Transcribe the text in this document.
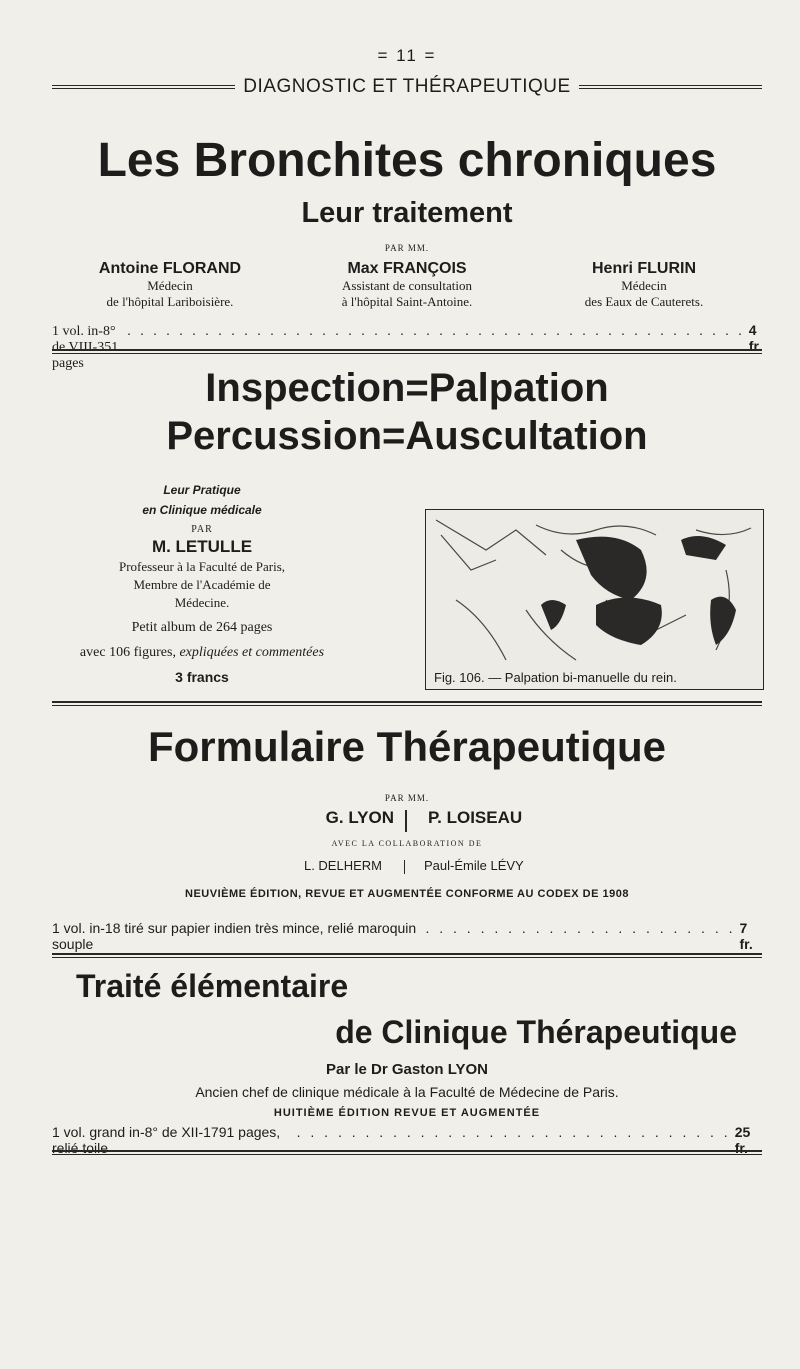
= 11 =
DIAGNOSTIC ET THÉRAPEUTIQUE
Les Bronchites chroniques
Leur traitement
PAR MM.
Antoine FLORAND
Médecin
de l'hôpital Lariboisière.
Max FRANÇOIS
Assistant de consultation
à l'hôpital Saint-Antoine.
Henri FLURIN
Médecin
des Eaux de Cauterets.
1 vol. in-8° de VIII-351 pages
. . . . . . . . . . . . . . . . . . . . . . . . . . . . . . . . . . . . . . . . . . . . . . . . 4 fr.
Inspection=Palpation
Percussion=Auscultation
Leur Pratique
en Clinique médicale
PAR
M. LETULLE
Professeur à la Faculté de Paris,
Membre de l'Académie de
Médecine.
Petit album de 264 pages
avec 106 figures, expliquées et commentées
3 francs	Fig. 106. — Palpation bi-manuelle du rein.
Formulaire Thérapeutique
PAR MM.
G. LYON P. LOISEAU
AVEC LA COLLABORATION DE
L. DELHERM	Paul-Émile LÉVY
NEUVIÈME ÉDITION, REVUE ET AUGMENTÉE CONFORME AU CODEX DE 1908
1 vol. in-18 tiré sur papier indien très mince, relié maroquin souple
. . . . . . . . . . . . . . . . . . . . . . . 7 fr.
Traité élémentaire
de Clinique Thérapeutique
Par le Dr Gaston LYON
Ancien chef de clinique médicale à la Faculté de Médecine de Paris.
HUITIÈME ÉDITION REVUE ET AUGMENTÉE
1 vol. grand in-8° de XII-1791 pages, relié toile
. . . . . . . . . . . . . . . . . . . . . . . . . . . . . . . . 25 fr.
